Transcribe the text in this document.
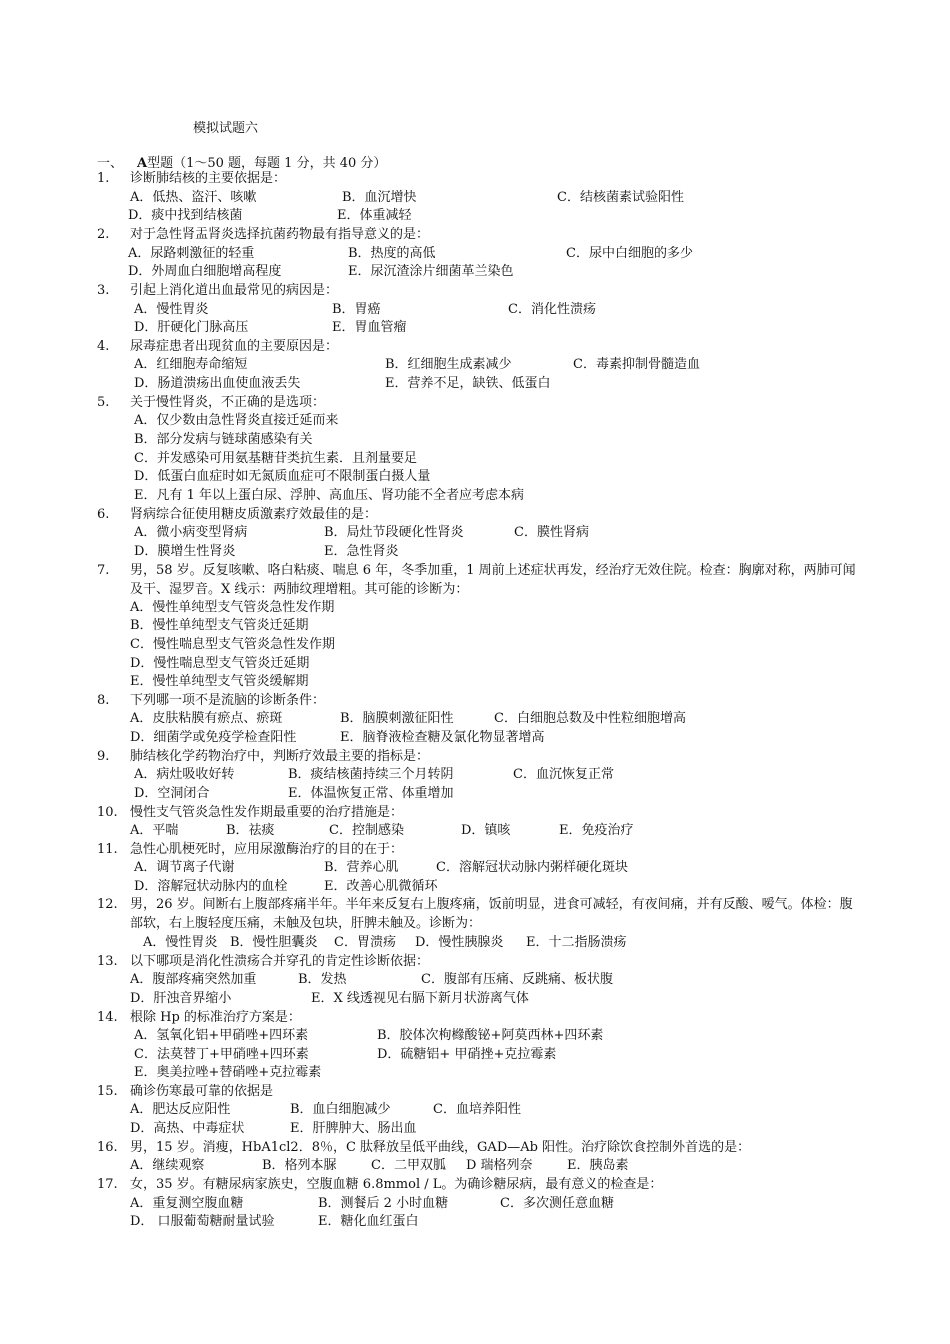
模拟试题六
一、 A型题（1～50 题，每题 1 分，共 40 分）
1. 诊断肺结核的主要依据是：
A．低热、盗汗、咳嗽	B．血沉增快	C．结核菌素试验阳性
D．痰中找到结核菌	E．体重减轻
2. 对于急性肾盂肾炎选择抗菌药物最有指导意义的是：
A．尿路刺激征的轻重	B．热度的高低	C．尿中白细胞的多少
D．外周血白细胞增高程度	E．尿沉渣涂片细菌革兰染色
3. 引起上消化道出血最常见的病因是：
A．慢性胃炎	B．胃癌	C．消化性溃疡
D．肝硬化门脉高压	E．胃血管瘤
4. 尿毒症患者出现贫血的主要原因是：
A．红细胞寿命缩短	B．红细胞生成素减少	C．毒素抑制骨髓造血
D．肠道溃疡出血使血液丢失	E．营养不足，缺铁、低蛋白
5. 关于慢性肾炎，不正确的是选项：
A．仅少数由急性肾炎直接迁延而来
B．部分发病与链球菌感染有关
C．并发感染可用氨基糖苷类抗生素．且剂量要足
D．低蛋白血症时如无氮质血症可不限制蛋白摄人量
E．凡有 1 年以上蛋白尿、浮肿、高血压、肾功能不全者应考虑本病
6. 肾病综合征使用糖皮质激素疗效最佳的是：
A．微小病变型肾病	B．局灶节段硬化性肾炎	C．膜性肾病
D．膜增生性肾炎	E．急性肾炎
7. 男，58 岁。反复咳嗽、咯白粘痰、喘息 6 年，冬季加重，1 周前上述症状再发，经治疗无效住院。检查：胸廓对称，两肺可闻及干、湿罗音。X 线示：两肺纹理增粗。其可能的诊断为：
A．慢性单纯型支气管炎急性发作期
B．慢性单纯型支气管炎迁延期
C．慢性喘息型支气管炎急性发作期
D．慢性喘息型支气管炎迁延期
E．慢性单纯型支气管炎缓解期
8. 下列哪一项不是流脑的诊断条件：
A．皮肤粘膜有瘀点、瘀斑	B．脑膜刺激征阳性	C．白细胞总数及中性粒细胞增高
D．细菌学或免疫学检查阳性	E．脑脊液检查糖及氯化物显著增高
9. 肺结核化学药物治疗中，判断疗效最主要的指标是：
A．病灶吸收好转	B．痰结核菌持续三个月转阴	C．血沉恢复正常
D．空洞闭合	E．体温恢复正常、体重增加
10. 慢性支气管炎急性发作期最重要的治疗措施是：
A．平喘	B．祛痰	C．控制感染	D．镇咳	E．免疫治疗
11. 急性心肌梗死时，应用尿激酶治疗的目的在于：
A．调节离子代谢	B．营养心肌	C．溶解冠状动脉内粥样硬化斑块
D．溶解冠状动脉内的血栓	E．改善心肌微循环
12. 男，26 岁。间断右上腹部疼痛半年。半年来反复右上腹疼痛，饭前明显，进食可减轻，有夜间痛，并有反酸、嗳气。体检：腹部软，右上腹轻度压痛，未触及包块，肝脾未触及。诊断为：
A．慢性胃炎 B．慢性胆囊炎 C．胃溃疡 D．慢性胰腺炎 E．十二指肠溃疡
13. 以下哪项是消化性溃疡合并穿孔的肯定性诊断依据：
A．腹部疼痛突然加重	B．发热	C．腹部有压痛、反跳痛、板状腹
D．肝浊音界缩小	E．X 线透视见右膈下新月状游离气体
14. 根除 Hp 的标准治疗方案是：
A．氢氧化铝+甲硝唑+四环素	B．胶体次枸橼酸铋+阿莫西林+四环素
C．法莫替丁+甲硝唑+四环素	D．硫糖铝+ 甲硝挫+克拉霉素
E．奥美拉唑+替硝唑+克拉霉素
15. 确诊伤寒最可靠的依据是
A．肥达反应阳性	B．血白细胞减少	C．血培养阳性
D．高热、中毒症状	E．肝脾肿大、肠出血
16. 男，15 岁。消瘦，HbA1cl2．8％，C 肽释放呈低平曲线，GAD—Ab 阳性。治疗除饮食控制外首选的是：
A．继续观察	B．格列本脲	C．二甲双胍 D 瑞格列奈	E．胰岛素
17. 女，35 岁。有糖尿病家族史，空腹血糖 6.8mmol / L。为确诊糖尿病，最有意义的检查是：
A．重复测空腹血糖	B．测餐后 2 小时血糖	C．多次测任意血糖
D． 口服葡萄糖耐量试验	E．糖化血红蛋白
